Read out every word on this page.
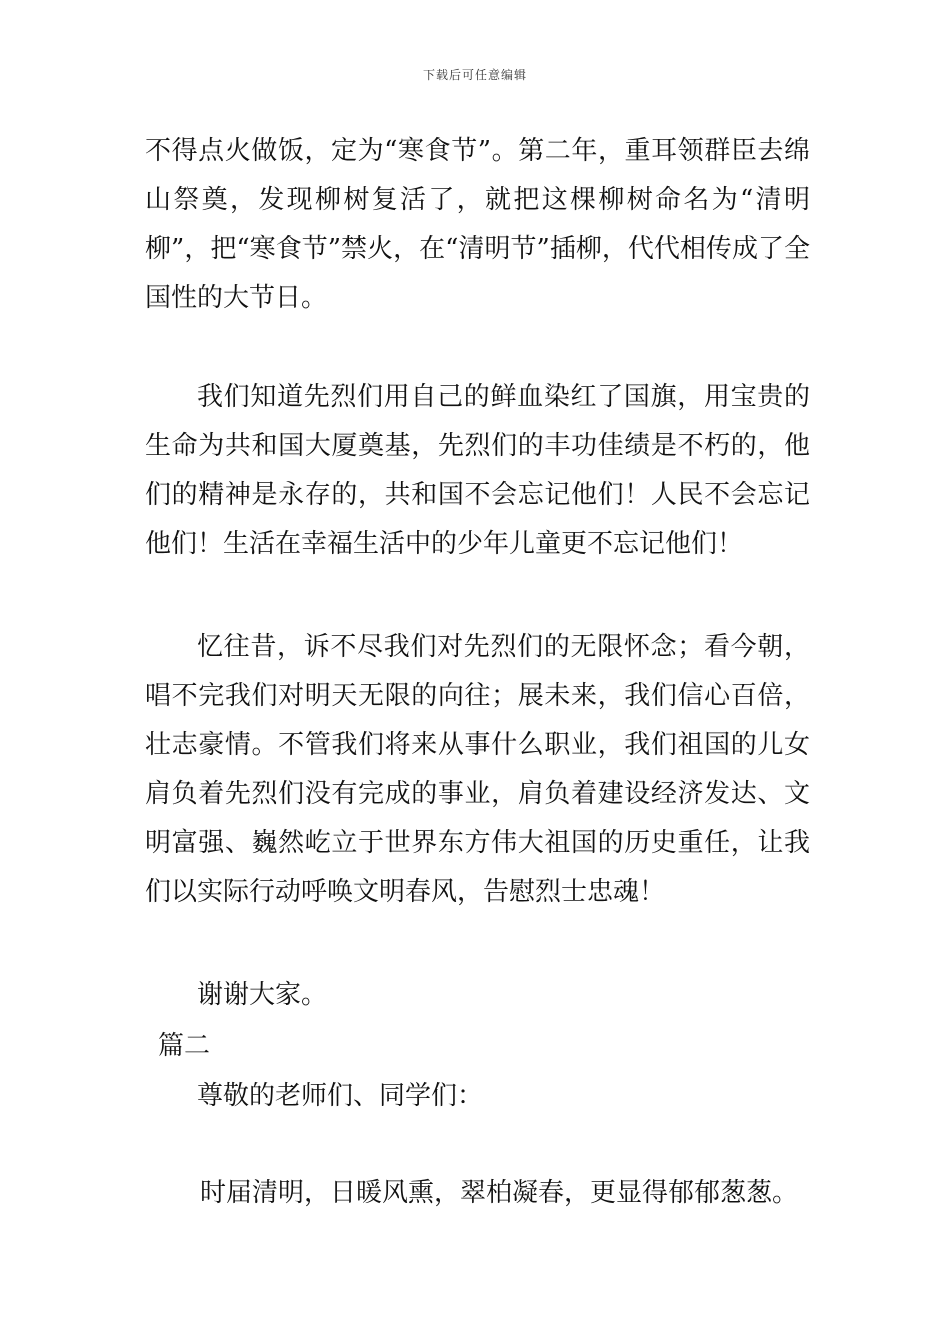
下载后可任意编辑

不得点火做饭，定为“寒食节”。第二年，重耳领群臣去绵山祭奠，发现柳树复活了，就把这棵柳树命名为“清明柳”，把“寒食节”禁火，在“清明节”插柳，代代相传成了全国性的大节日。

我们知道先烈们用自己的鲜血染红了国旗，用宝贵的生命为共和国大厦奠基，先烈们的丰功佳绩是不朽的，他们的精神是永存的，共和国不会忘记他们！人民不会忘记他们！生活在幸福生活中的少年儿童更不忘记他们！

忆往昔，诉不尽我们对先烈们的无限怀念；看今朝，唱不完我们对明天无限的向往；展未来，我们信心百倍，壮志豪情。不管我们将来从事什么职业，我们祖国的儿女肩负着先烈们没有完成的事业，肩负着建设经济发达、文明富强、巍然屹立于世界东方伟大祖国的历史重任，让我们以实际行动呼唤文明春风，告慰烈士忠魂！

谢谢大家。

篇二

尊敬的老师们、同学们：

时届清明，日暖风熏，翠柏凝春，更显得郁郁葱葱。
